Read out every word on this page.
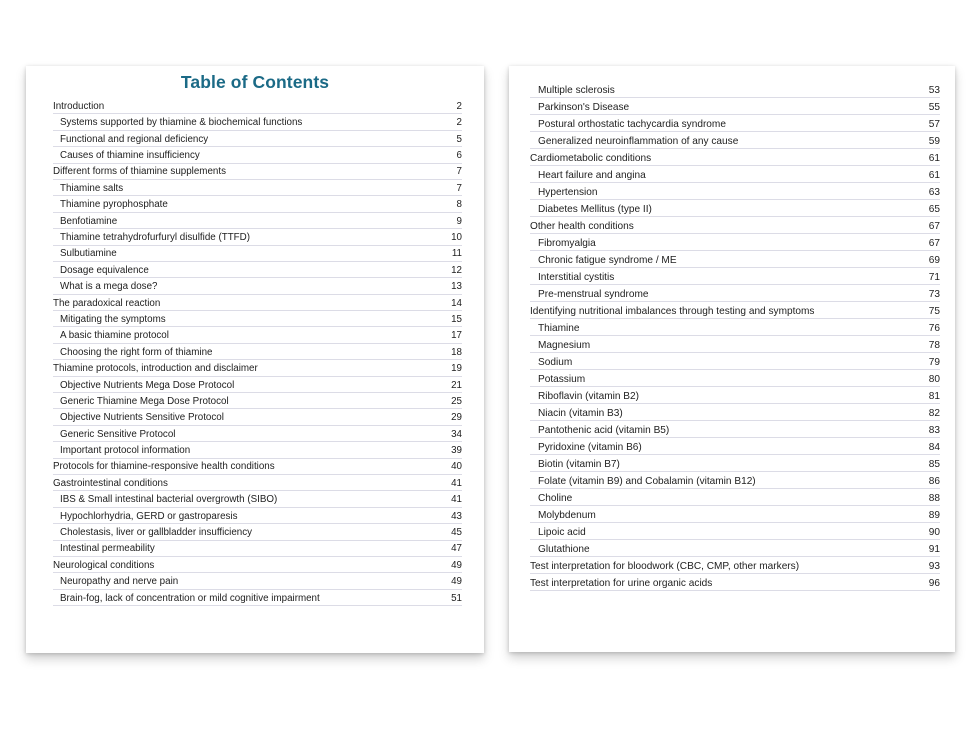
Table of Contents
Introduction	2
Systems supported by thiamine & biochemical functions	2
Functional and regional deficiency	5
Causes of thiamine insufficiency	6
Different forms of thiamine supplements	7
Thiamine salts	7
Thiamine pyrophosphate	8
Benfotiamine	9
Thiamine tetrahydrofurfuryl disulfide (TTFD)	10
Sulbutiamine	11
Dosage equivalence	12
What is a mega dose?	13
The paradoxical reaction	14
Mitigating the symptoms	15
A basic thiamine protocol	17
Choosing the right form of thiamine	18
Thiamine protocols, introduction and disclaimer	19
Objective Nutrients Mega Dose Protocol	21
Generic Thiamine Mega Dose Protocol	25
Objective Nutrients Sensitive Protocol	29
Generic Sensitive Protocol	34
Important protocol information	39
Protocols for thiamine-responsive health conditions	40
Gastrointestinal conditions	41
IBS & Small intestinal bacterial overgrowth (SIBO)	41
Hypochlorhydria, GERD or gastroparesis	43
Cholestasis, liver or gallbladder insufficiency	45
Intestinal permeability	47
Neurological conditions	49
Neuropathy and nerve pain	49
Brain-fog, lack of concentration or mild cognitive impairment	51
Multiple sclerosis	53
Parkinson's Disease	55
Postural orthostatic tachycardia syndrome	57
Generalized neuroinflammation of any cause	59
Cardiometabolic conditions	61
Heart failure and angina	61
Hypertension	63
Diabetes Mellitus (type II)	65
Other health conditions	67
Fibromyalgia	67
Chronic fatigue syndrome / ME	69
Interstitial cystitis	71
Pre-menstrual syndrome	73
Identifying nutritional imbalances through testing and symptoms	75
Thiamine	76
Magnesium	78
Sodium	79
Potassium	80
Riboflavin (vitamin B2)	81
Niacin (vitamin B3)	82
Pantothenic acid (vitamin B5)	83
Pyridoxine (vitamin B6)	84
Biotin (vitamin B7)	85
Folate (vitamin B9) and Cobalamin (vitamin B12)	86
Choline	88
Molybdenum	89
Lipoic acid	90
Glutathione	91
Test interpretation for bloodwork (CBC, CMP, other markers)	93
Test interpretation for urine organic acids	96
